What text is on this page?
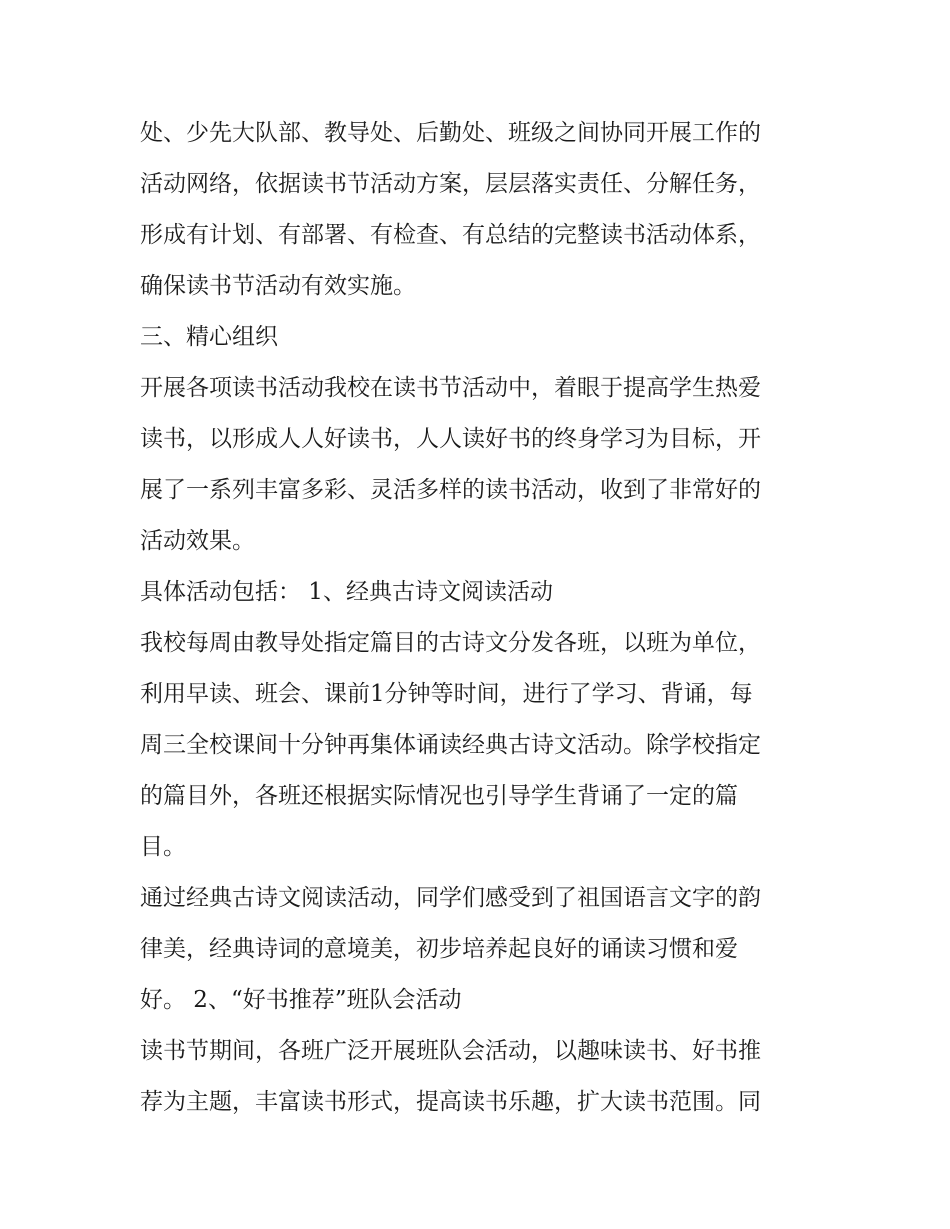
处、少先大队部、教导处、后勤处、班级之间协同开展工作的
活动网络，依据读书节活动方案，层层落实责任、分解任务，
形成有计划、有部署、有检查、有总结的完整读书活动体系，
确保读书节活动有效实施。
三、精心组织
开展各项读书活动我校在读书节活动中，着眼于提高学生热爱
读书，以形成人人好读书，人人读好书的终身学习为目标，开
展了一系列丰富多彩、灵活多样的读书活动，收到了非常好的
活动效果。
具体活动包括： 1、经典古诗文阅读活动
我校每周由教导处指定篇目的古诗文分发各班，以班为单位，
利用早读、班会、课前1分钟等时间，进行了学习、背诵，每
周三全校课间十分钟再集体诵读经典古诗文活动。除学校指定
的篇目外，各班还根据实际情况也引导学生背诵了一定的篇
目。
通过经典古诗文阅读活动，同学们感受到了祖国语言文字的韵
律美，经典诗词的意境美，初步培养起良好的诵读习惯和爱
好。 2、“好书推荐”班队会活动
读书节期间，各班广泛开展班队会活动，以趣味读书、好书推
荐为主题，丰富读书形式，提高读书乐趣，扩大读书范围。同
